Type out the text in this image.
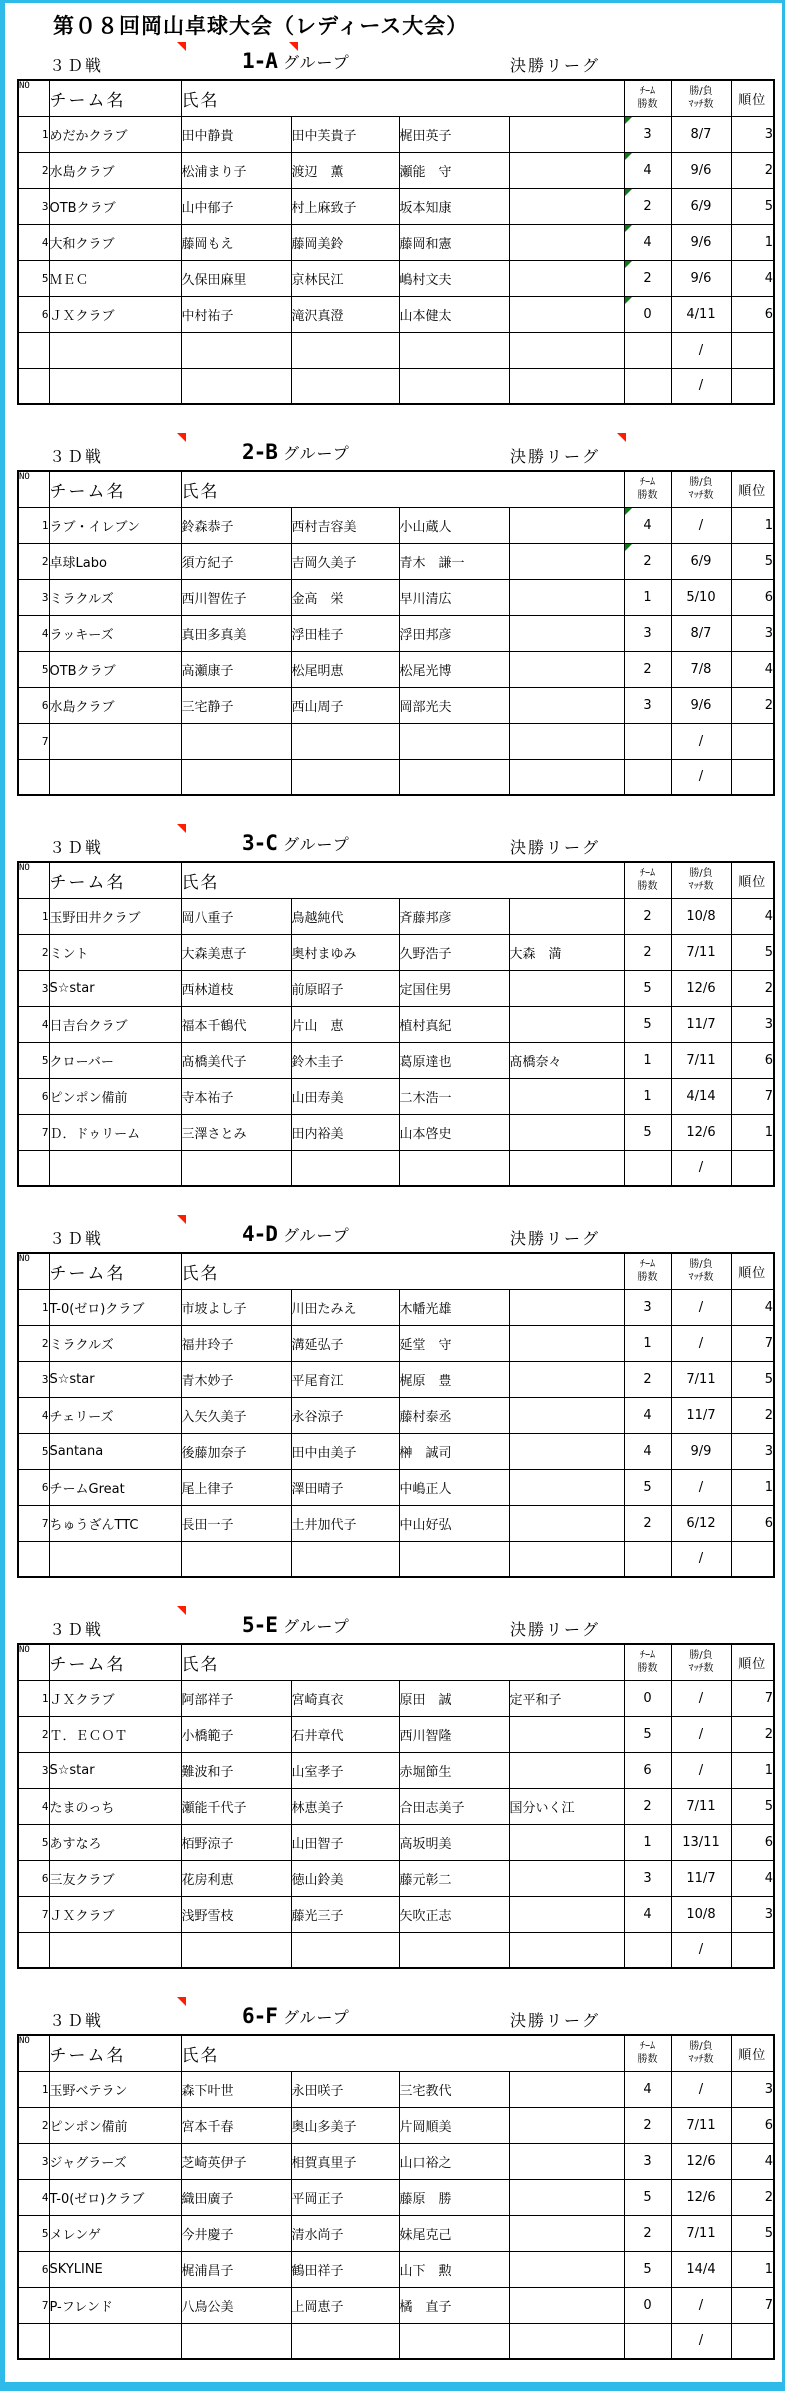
第０８回岡山卓球大会（レディース大会）
３Ｄ戦	1-A グループ	決勝リーグ
NO	チーム名	氏名				ﾁｰﾑ
勝数	勝/負
ﾏｯﾁ数	順位
1	めだかクラブ	田中静貴	田中芙貴子	梶田英子		3	8/7	3
2	水島クラブ	松浦まり子	渡辺　薫	瀬能　守		4	9/6	2
3	OTBクラブ	山中郁子	村上麻致子	坂本知康		2	6/9	5
4	大和クラブ	藤岡もえ	藤岡美鈴	藤岡和憲		4	9/6	1
5	ＭＥＣ	久保田麻里	京林民江	嶋村文夫		2	9/6	4
6	ＪＸクラブ	中村祐子	滝沢真澄	山本健太		0	4/11	6
							/	
							/	
３Ｄ戦	2-B グループ	決勝リーグ
NO	チーム名	氏名				ﾁｰﾑ
勝数	勝/負
ﾏｯﾁ数	順位
1	ラブ・イレブン	鈴森恭子	西村吉容美	小山蔵人		4	/	1
2	卓球Labo	須方紀子	吉岡久美子	青木　謙一		2	6/9	5
3	ミラクルズ	西川智佐子	金高　栄	早川清広		1	5/10	6
4	ラッキーズ	真田多真美	浮田桂子	浮田邦彦		3	8/7	3
5	OTBクラブ	高瀬康子	松尾明恵	松尾光博		2	7/8	4
6	水島クラブ	三宅静子	西山周子	岡部光夫		3	9/6	2
7							/	
							/	
３Ｄ戦	3-C グループ	決勝リーグ
NO	チーム名	氏名				ﾁｰﾑ
勝数	勝/負
ﾏｯﾁ数	順位
1	玉野田井クラブ	岡八重子	鳥越純代	斉藤邦彦		2	10/8	4
2	ミント	大森美恵子	奥村まゆみ	久野浩子	大森　満	2	7/11	5
3	S☆star	西林道枝	前原昭子	定国住男		5	12/6	2
4	日吉台クラブ	福本千鶴代	片山　恵	植村真紀		5	11/7	3
5	クローバー	髙橋美代子	鈴木圭子	葛原達也	髙橋奈々	1	7/11	6
6	ピンポン備前	寺本祐子	山田寿美	二木浩一		1	4/14	7
7	Ｄ．ドゥリーム	三澤さとみ	田内裕美	山本啓史		5	12/6	1
							/	
３Ｄ戦	4-D グループ	決勝リーグ
NO	チーム名	氏名				ﾁｰﾑ
勝数	勝/負
ﾏｯﾁ数	順位
1	T-0(ゼロ)クラブ	市坡よし子	川田たみえ	木幡光雄		3	/	4
2	ミラクルズ	福井玲子	溝延弘子	延堂　守		1	/	7
3	S☆star	青木妙子	平尾育江	梶原　豊		2	7/11	5
4	チェリーズ	入矢久美子	永谷涼子	藤村泰丞		4	11/7	2
5	Santana	後藤加奈子	田中由美子	榊　誠司		4	9/9	3
6	チームGreat	尾上律子	澤田晴子	中嶋正人		5	/	1
7	ちゅうざんTTC	長田一子	土井加代子	中山好弘		2	6/12	6
							/	
３Ｄ戦	5-E グループ	決勝リーグ
NO	チーム名	氏名				ﾁｰﾑ
勝数	勝/負
ﾏｯﾁ数	順位
1	ＪＸクラブ	阿部祥子	宮崎真衣	原田　誠	定平和子	0	/	7
2	Ｔ．ＥＣＯＴ	小橋範子	石井章代	西川智隆		5	/	2
3	S☆star	難波和子	山室孝子	赤堀節生		6	/	1
4	たまのっち	瀬能千代子	林恵美子	合田志美子	国分いく江	2	7/11	5
5	あすなろ	栢野涼子	山田智子	高坂明美		1	13/11	6
6	三友クラブ	花房利恵	徳山鈴美	藤元彰二		3	11/7	4
7	ＪＸクラブ	浅野雪枝	藤光三子	矢吹正志		4	10/8	3
							/	
３Ｄ戦	6-F グループ	決勝リーグ
NO	チーム名	氏名				ﾁｰﾑ
勝数	勝/負
ﾏｯﾁ数	順位
1	玉野ベテラン	森下叶世	永田咲子	三宅教代		4	/	3
2	ピンポン備前	宮本千春	奥山多美子	片岡順美		2	7/11	6
3	ジャグラーズ	芝崎英伊子	相賀真里子	山口裕之		3	12/6	4
4	T-0(ゼロ)クラブ	織田廣子	平岡正子	藤原　勝		5	12/6	2
5	メレンゲ	今井慶子	清水尚子	妹尾克己		2	7/11	5
6	SKYLINE	梶浦昌子	鶴田祥子	山下　勲		5	14/4	1
7	P-フレンド	八鳥公美	上岡恵子	橘　直子		0	/	7
							/	
